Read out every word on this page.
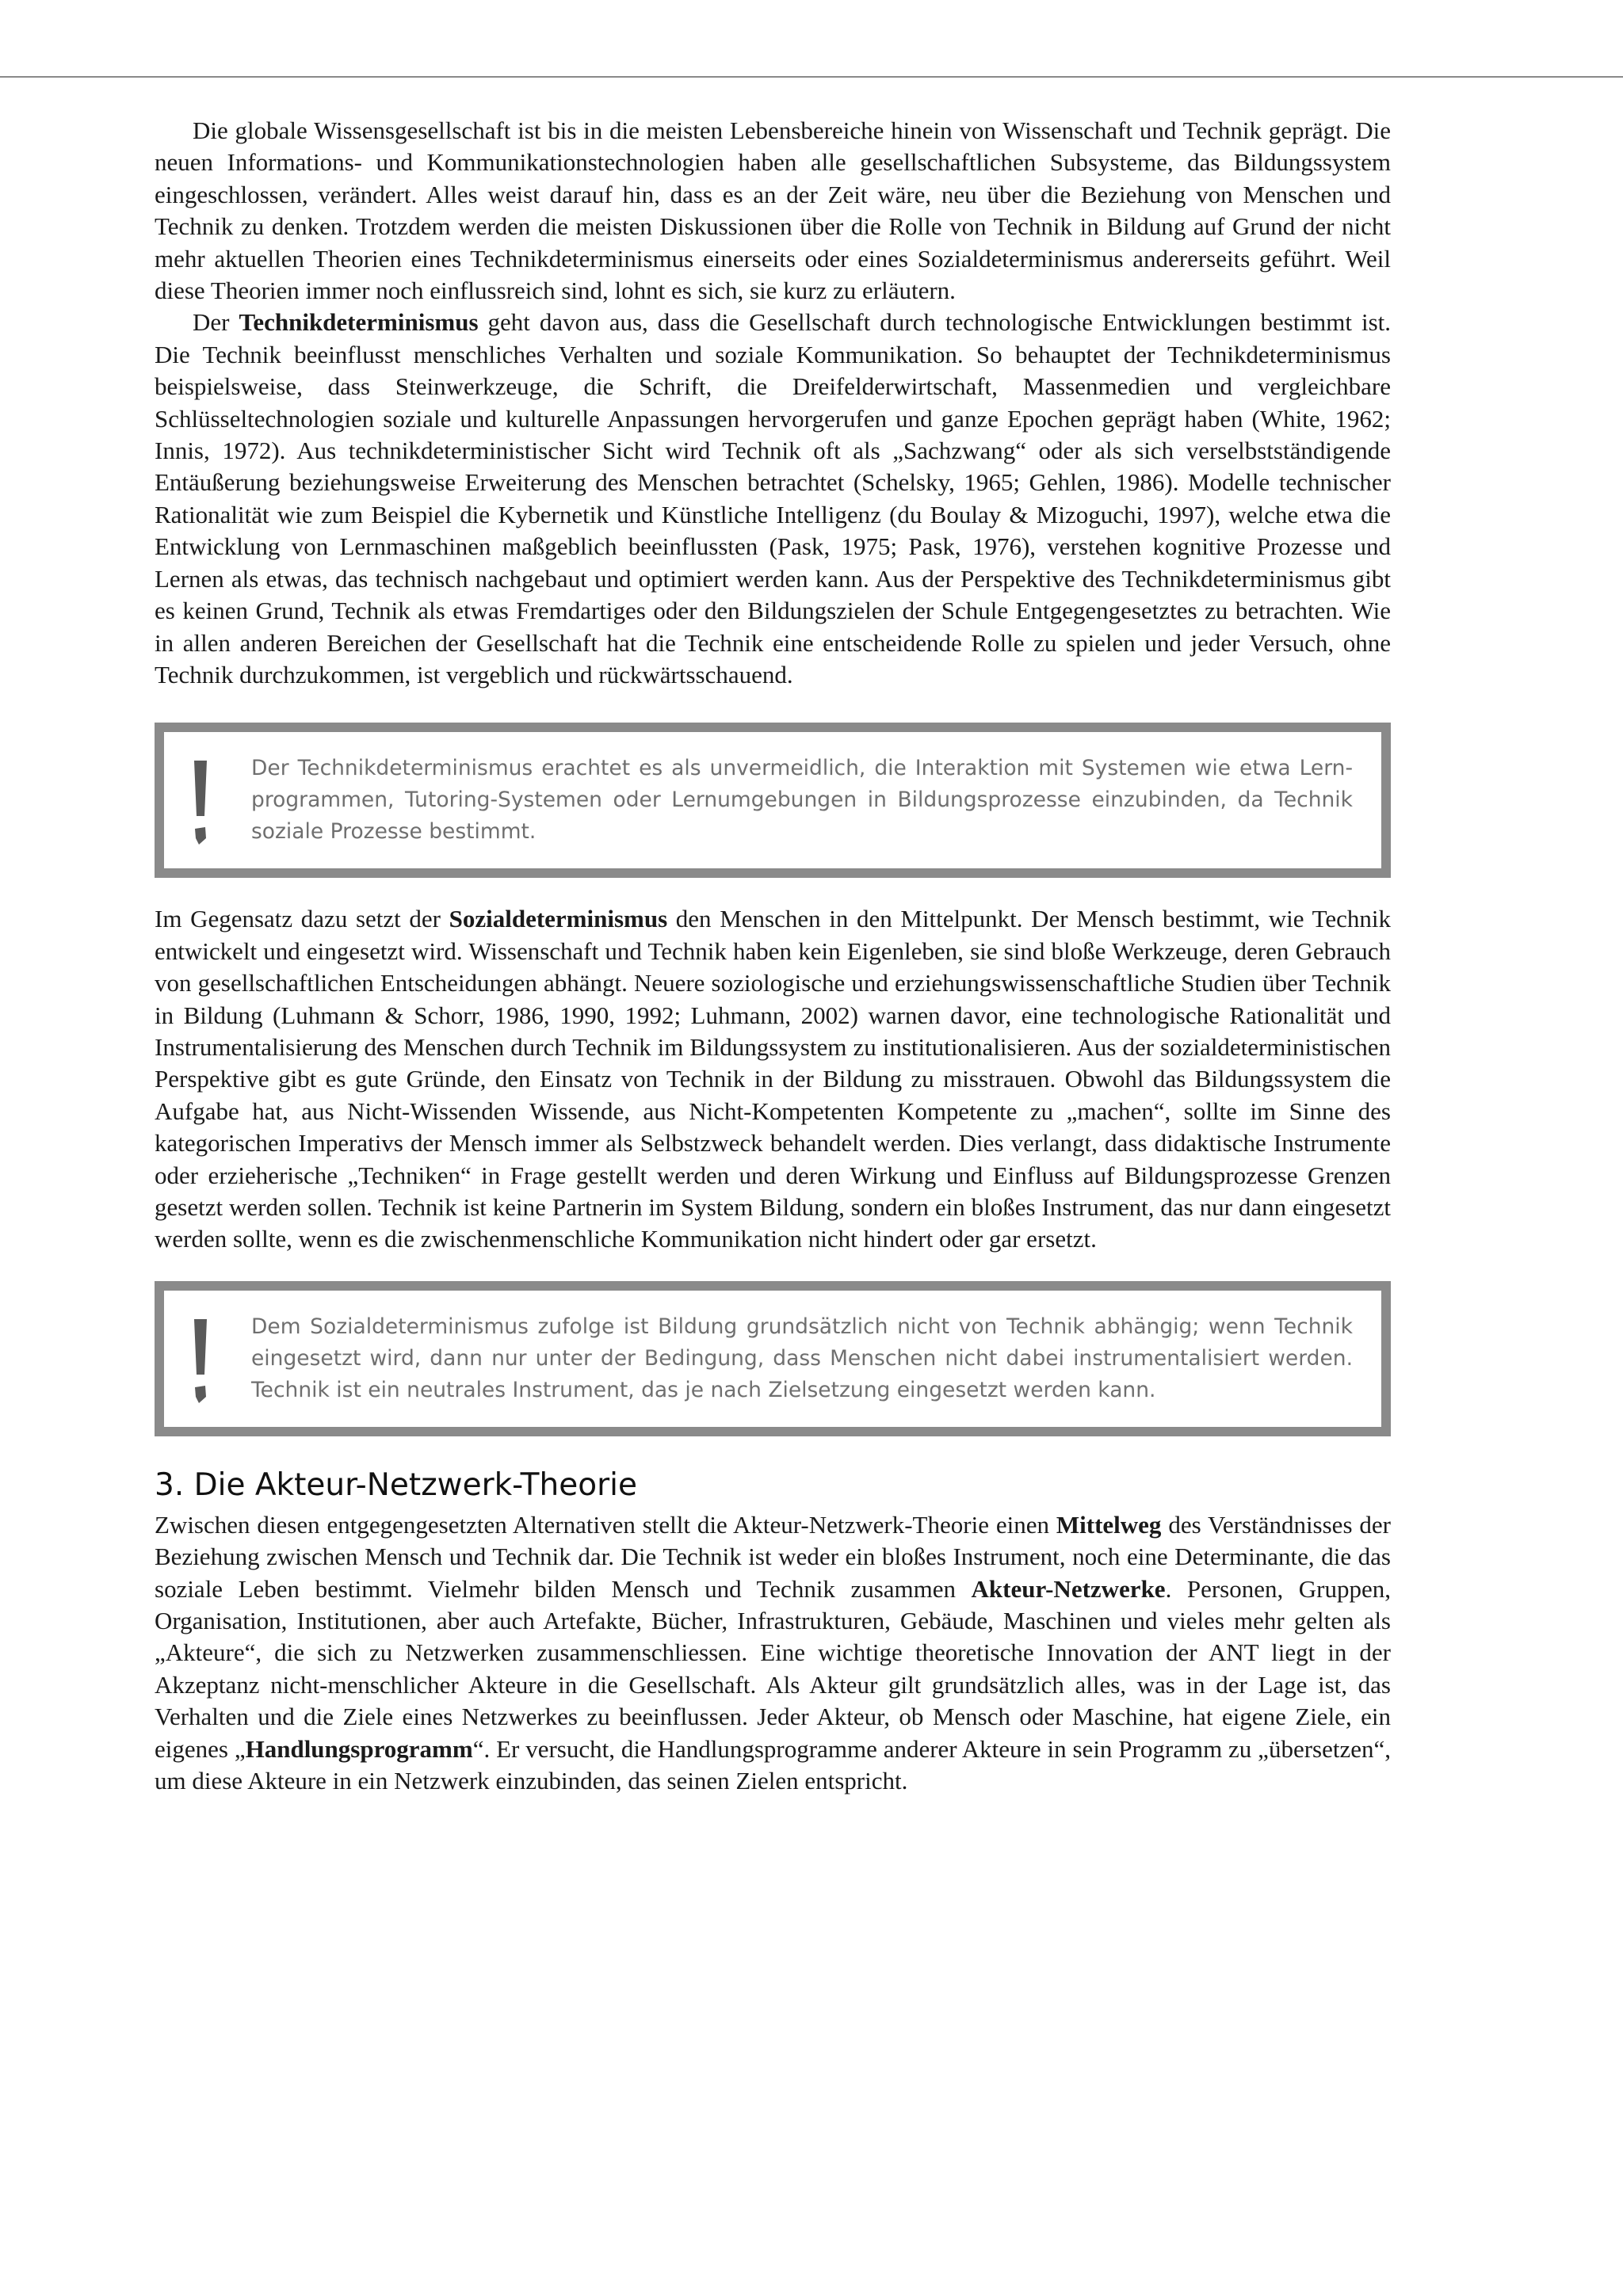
Die globale Wissensgesellschaft ist bis in die meisten Lebensbereiche hinein von Wissenschaft und Technik geprägt. Die neuen Informations- und Kommunikationstechnologien haben alle gesellschaftlichen Subsysteme, das Bildungssystem eingeschlossen, verändert. Alles weist darauf hin, dass es an der Zeit wäre, neu über die Beziehung von Menschen und Technik zu denken. Trotzdem werden die meisten Diskussionen über die Rolle von Technik in Bildung auf Grund der nicht mehr aktuellen Theorien eines Technikdeterminismus einerseits oder eines Sozialdeterminismus andererseits geführt. Weil diese Theorien immer noch einflussreich sind, lohnt es sich, sie kurz zu erläutern.

Der Technikdeterminismus geht davon aus, dass die Gesellschaft durch technologische Entwicklungen bestimmt ist. Die Technik beeinflusst menschliches Verhalten und soziale Kommunikation. So behauptet der Technikdeterminismus beispielsweise, dass Steinwerkzeuge, die Schrift, die Dreifelderwirtschaft, Massenmedien und vergleichbare Schlüsseltechnologien soziale und kulturelle Anpassungen hervorgerufen und ganze Epochen geprägt haben (White, 1962; Innis, 1972). Aus technikdeterministischer Sicht wird Technik oft als „Sachzwang“ oder als sich verselbstständigende Entäußerung beziehungsweise Erweiterung des Menschen betrachtet (Schelsky, 1965; Gehlen, 1986). Modelle technischer Rationalität wie zum Beispiel die Kybernetik und Künstliche Intelligenz (du Boulay & Mizoguchi, 1997), welche etwa die Entwicklung von Lernmaschinen maßgeblich beeinflussten (Pask, 1975; Pask, 1976), verstehen kognitive Prozesse und Lernen als etwas, das technisch nachgebaut und optimiert werden kann. Aus der Perspektive des Technikdeterminismus gibt es keinen Grund, Technik als etwas Fremdartiges oder den Bildungszielen der Schule Entgegengesetztes zu betrachten. Wie in allen anderen Bereichen der Gesellschaft hat die Technik eine entscheidende Rolle zu spielen und jeder Versuch, ohne Technik durchzukommen, ist vergeblich und rückwärtsschauend.

Der Technikdeterminismus erachtet es als unvermeidlich, die Interaktion mit Systemen wie etwa Lernprogrammen, Tutoring-Systemen oder Lernumgebungen in Bildungsprozesse einzubinden, da Technik soziale Prozesse bestimmt.

Im Gegensatz dazu setzt der Sozialdeterminismus den Menschen in den Mittelpunkt. Der Mensch bestimmt, wie Technik entwickelt und eingesetzt wird. Wissenschaft und Technik haben kein Eigenleben, sie sind bloße Werkzeuge, deren Gebrauch von gesellschaftlichen Entscheidungen abhängt. Neuere soziologische und erziehungswissenschaftliche Studien über Technik in Bildung (Luhmann & Schorr, 1986, 1990, 1992; Luhmann, 2002) warnen davor, eine technologische Rationalität und Instrumentalisierung des Menschen durch Technik im Bildungssystem zu institutionalisieren. Aus der sozialdeterministischen Perspektive gibt es gute Gründe, den Einsatz von Technik in der Bildung zu misstrauen. Obwohl das Bildungssystem die Aufgabe hat, aus Nicht-Wissenden Wissende, aus Nicht-Kompetenten Kompetente zu „machen“, sollte im Sinne des kategorischen Imperativs der Mensch immer als Selbstzweck behandelt werden. Dies verlangt, dass didaktische Instrumente oder erzieherische „Techniken“ in Frage gestellt werden und deren Wirkung und Einfluss auf Bildungsprozesse Grenzen gesetzt werden sollen. Technik ist keine Partnerin im System Bildung, sondern ein bloßes Instrument, das nur dann eingesetzt werden sollte, wenn es die zwischenmenschliche Kommunikation nicht hindert oder gar ersetzt.

Dem Sozialdeterminismus zufolge ist Bildung grundsätzlich nicht von Technik abhängig; wenn Technik eingesetzt wird, dann nur unter der Bedingung, dass Menschen nicht dabei instrumentalisiert werden. Technik ist ein neutrales Instrument, das je nach Zielsetzung eingesetzt werden kann.
3. Die Akteur-Netzwerk-Theorie

Zwischen diesen entgegengesetzten Alternativen stellt die Akteur-Netzwerk-Theorie einen Mittelweg des Verständnisses der Beziehung zwischen Mensch und Technik dar. Die Technik ist weder ein bloßes Instrument, noch eine Determinante, die das soziale Leben bestimmt. Vielmehr bilden Mensch und Technik zusammen Akteur-Netzwerke. Personen, Gruppen, Organisation, Institutionen, aber auch Artefakte, Bücher, Infrastrukturen, Gebäude, Maschinen und vieles mehr gelten als „Akteure“, die sich zu Netzwerken zusammenschliessen. Eine wichtige theoretische Innovation der ANT liegt in der Akzeptanz nicht-menschlicher Akteure in die Gesellschaft. Als Akteur gilt grundsätzlich alles, was in der Lage ist, das Verhalten und die Ziele eines Netzwerkes zu beeinflussen. Jeder Akteur, ob Mensch oder Maschine, hat eigene Ziele, ein eigenes „Handlungsprogramm“. Er versucht, die Handlungsprogramme anderer Akteure in sein Programm zu „übersetzen“, um diese Akteure in ein Netzwerk einzubinden, das seinen Zielen entspricht.
